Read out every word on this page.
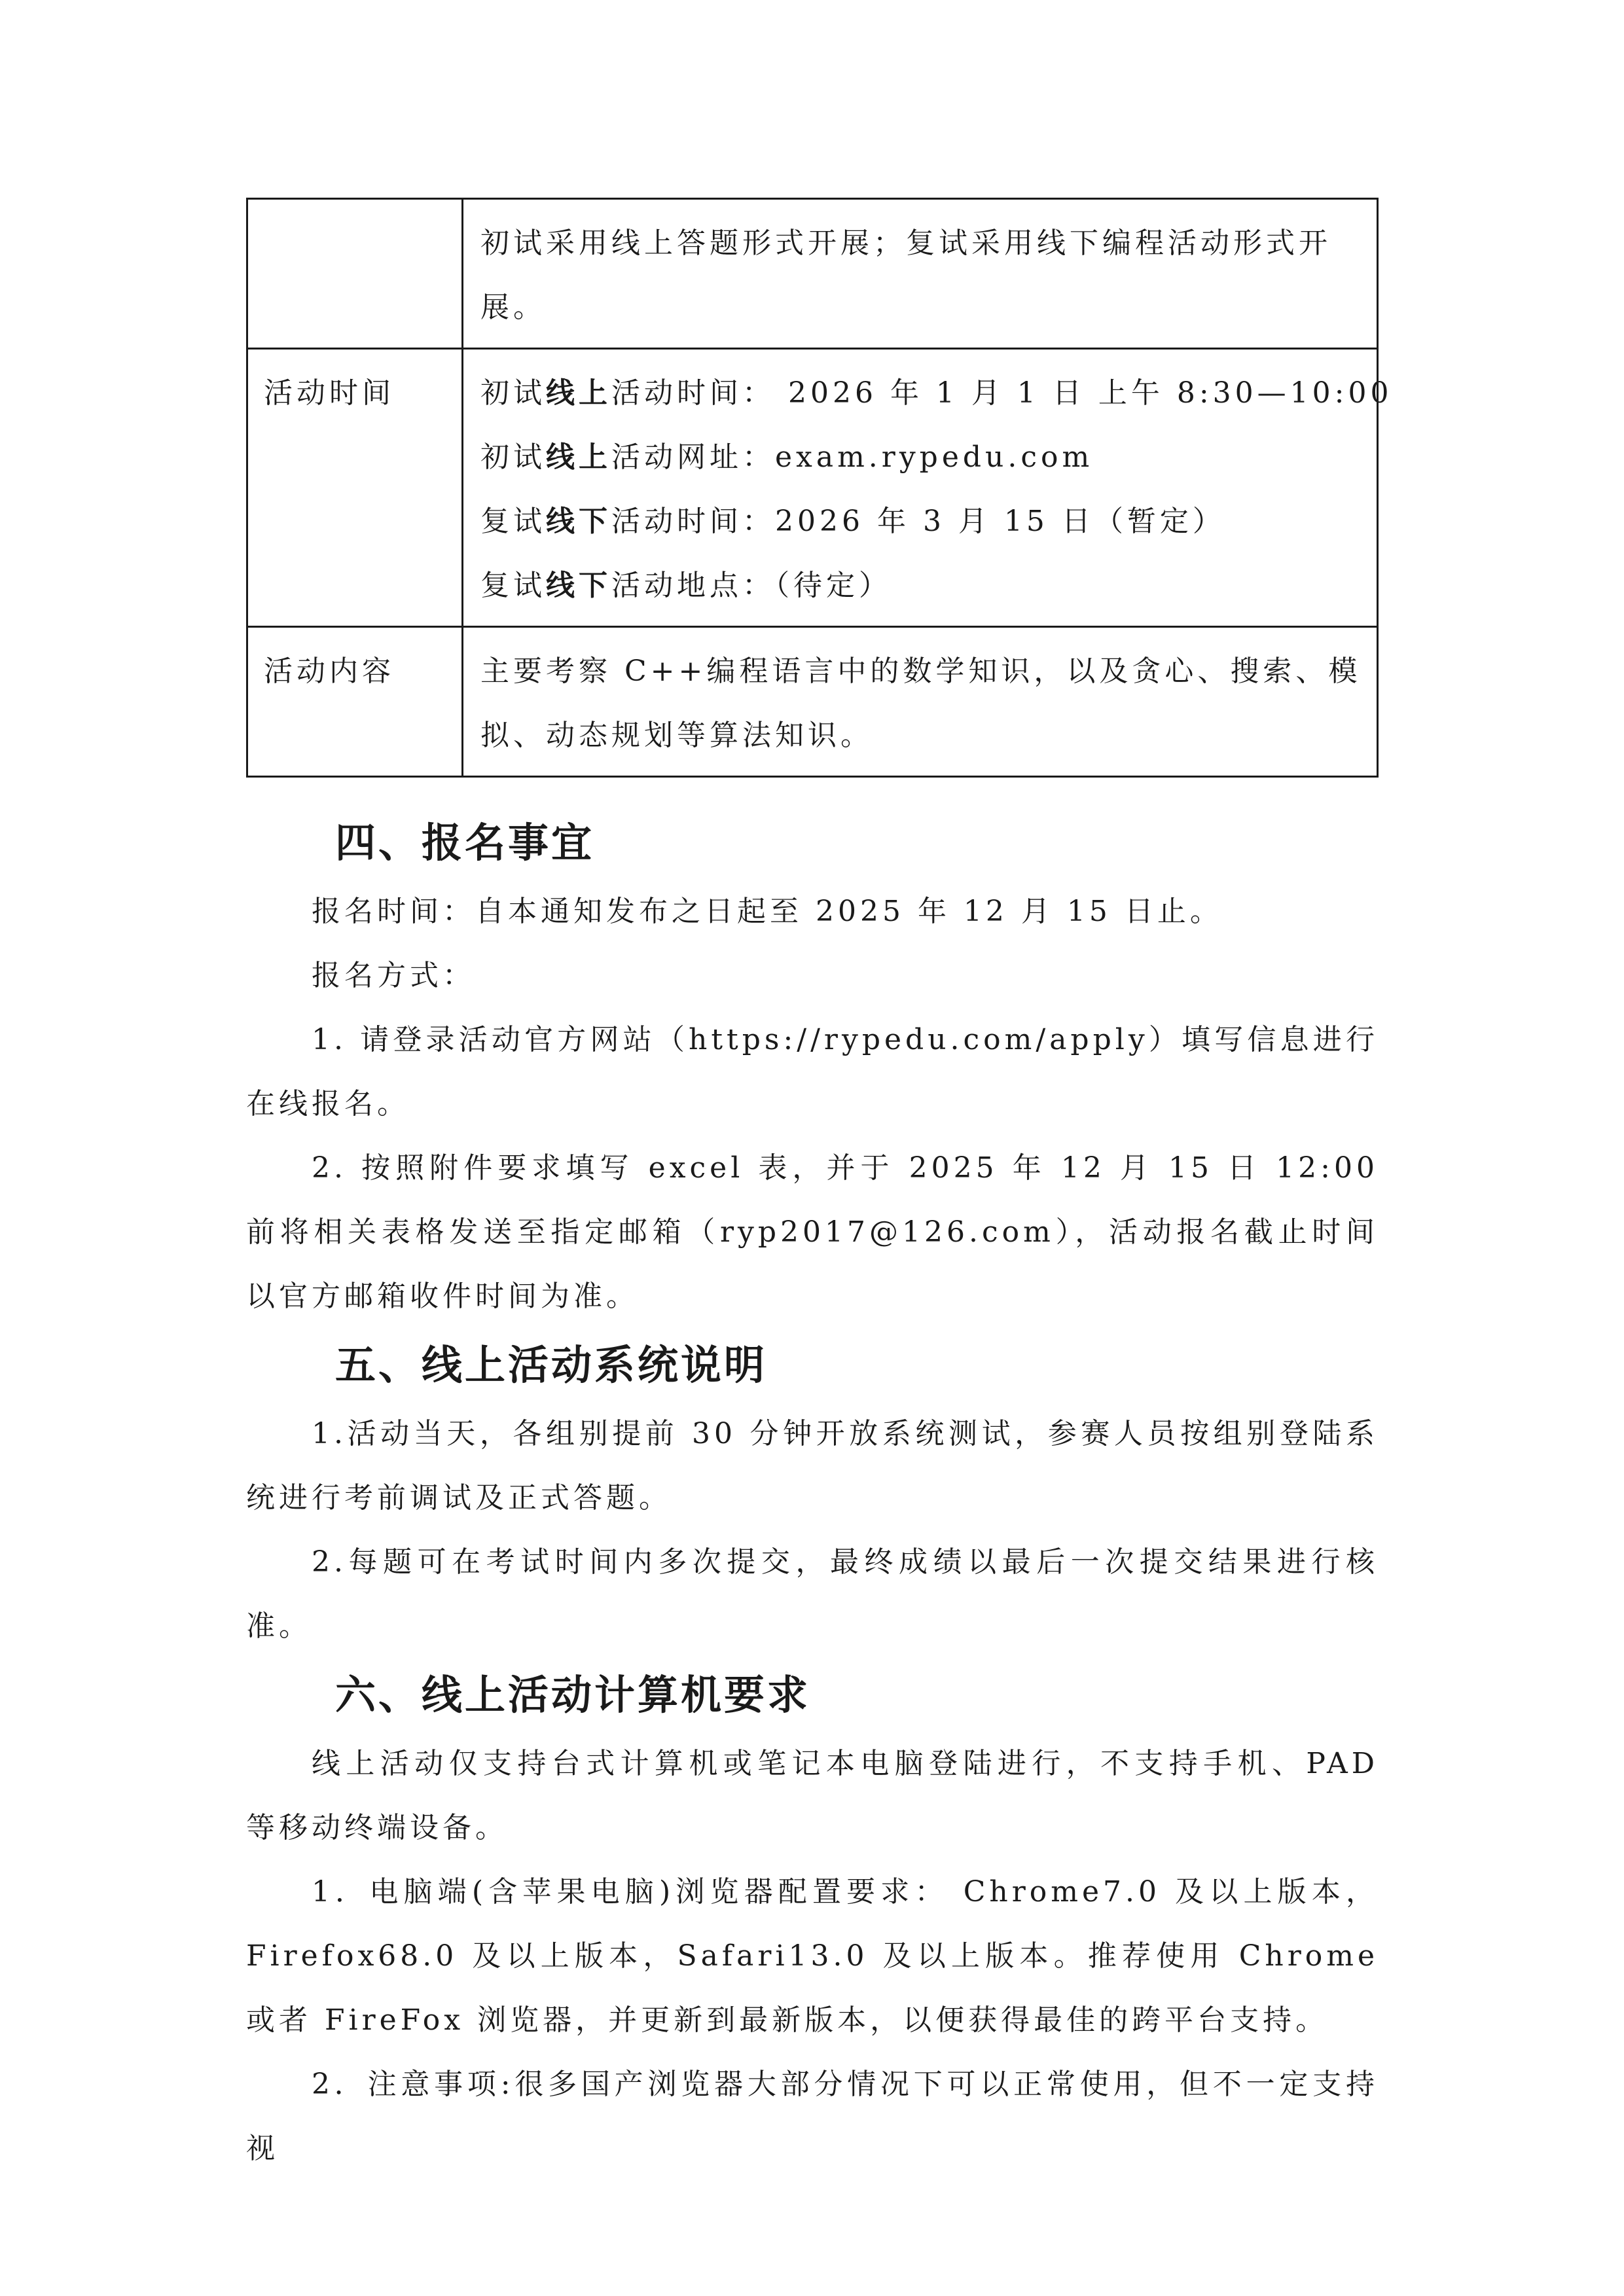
	初试采用线上答题形式开展；复试采用线下编程活动形式开展。

活动时间	初试线上活动时间： 2026 年 1 月 1 日 上午 8:30—10:00
初试线上活动网址：exam.rypedu.com
复试线下活动时间：2026 年 3 月 15 日（暂定）
复试线下活动地点：（待定）

活动内容	主要考察 C++编程语言中的数学知识，以及贪心、搜索、模拟、动态规划等算法知识。
四、报名事宜

报名时间：自本通知发布之日起至 2025 年 12 月 15 日止。

报名方式：

1. 请登录活动官方网站（https://rypedu.com/apply）填写信息进行在线报名。

2. 按照附件要求填写 excel 表，并于 2025 年 12 月 15 日 12:00 前将相关表格发送至指定邮箱（ryp2017@126.com），活动报名截止时间以官方邮箱收件时间为准。

五、线上活动系统说明

1.活动当天，各组别提前 30 分钟开放系统测试，参赛人员按组别登陆系统进行考前调试及正式答题。

2.每题可在考试时间内多次提交，最终成绩以最后一次提交结果进行核准。

六、线上活动计算机要求

线上活动仅支持台式计算机或笔记本电脑登陆进行，不支持手机、PAD 等移动终端设备。

1．电脑端(含苹果电脑)浏览器配置要求： Chrome7.0 及以上版本，Firefox68.0 及以上版本，Safari13.0 及以上版本。推荐使用 Chrome 或者 FireFox 浏览器，并更新到最新版本，以便获得最佳的跨平台支持。

2．注意事项:很多国产浏览器大部分情况下可以正常使用，但不一定支持视
